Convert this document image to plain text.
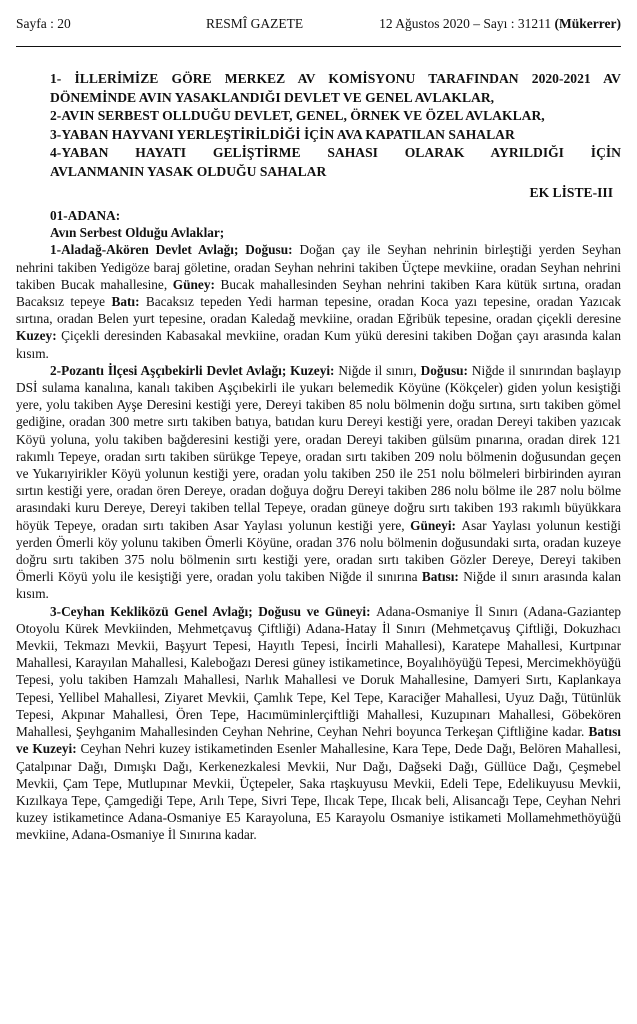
Sayfa : 20	RESMÎ GAZETE	12 Ağustos 2020 – Sayı : 31211 (Mükerrer)
1- İLLERİMİZE GÖRE MERKEZ AV KOMİSYONU TARAFINDAN 2020-2021 AV
DÖNEMİNDE AVIN YASAKLANDIĞI DEVLET VE GENEL AVLAKLAR,
2-AVIN SERBEST OLLDUĞU DEVLET, GENEL, ÖRNEK VE ÖZEL AVLAKLAR,
3-YABAN HAYVANI YERLEŞTİRİLDİĞİ İÇİN AVA KAPATILAN SAHALAR
4-YABAN HAYATI GELİŞTİRME SAHASI OLARAK AYRILDIĞI İÇİN
AVLANMANIN YASAK OLDUĞU SAHALAR
EK LİSTE-III
01-ADANA:
Avın Serbest Olduğu Avlaklar;

1-Aladağ-Akören Devlet Avlağı; Doğusu: Doğan çay ile Seyhan nehrinin birleştiği yerden Seyhan nehrini takiben Yedigöze baraj göletine, oradan Seyhan nehrini takiben Üçtepe mevkiine, oradan Seyhan nehrini takiben Bucak mahallesine, Güney: Bucak mahallesinden Seyhan nehrini takiben Kara kütük sırtına, oradan Bacaksız tepeye Batı: Bacaksız tepeden Yedi harman tepesine, oradan Koca yazı tepesine, oradan Yazıcak sırtına, oradan Belen yurt tepesine, oradan Kaledağ mevkiine, oradan Eğribük tepesine, oradan çiçekli deresine Kuzey: Çiçekli deresinden Kabasakal mevkiine, oradan Kum yükü deresini takiben Doğan çayı arasında kalan kısım.

2-Pozantı İlçesi Aşçıbekirli Devlet Avlağı; Kuzeyi: Niğde il sınırı, Doğusu: Niğde il sınırından başlayıp DSİ sulama kanalına, kanalı takiben Aşçıbekirli ile yukarı belemedik Köyüne (Kökçeler) giden yolun kesiştiği yere, yolu takiben Ayşe Deresini kestiği yere, Dereyi takiben 85 nolu bölmenin doğu sırtına, sırtı takiben gömel gediğine, oradan 300 metre sırtı takiben batıya, batıdan kuru Dereyi kestiği yere, oradan Dereyi takiben yazıcak Köyü yoluna, yolu takiben bağderesini kestiği yere, oradan Dereyi takiben gülsüm pınarına, oradan direk 121 rakımlı Tepeye, oradan sırtı takiben sürükge Tepeye, oradan sırtı takiben 209 nolu bölmenin doğusundan geçen ve Yukarıyirikler Köyü yolunun kestiği yere, oradan yolu takiben 250 ile 251 nolu bölmeleri birbirinden ayıran sırtın kestiği yere, oradan ören Dereye, oradan doğuya doğru Dereyi takiben 286 nolu bölme ile 287 nolu bölme arasındaki kuru Dereye, Dereyi takiben tellal Tepeye, oradan güneye doğru sırtı takiben 193 rakımlı büyükkara höyük Tepeye, oradan sırtı takiben Asar Yaylası yolunun kestiği yere, Güneyi: Asar Yaylası yolunun kestiği yerden Ömerli köy yolunu takiben Ömerli Köyüne, oradan 376 nolu bölmenin doğusundaki sırta, oradan kuzeye doğru sırtı takiben 375 nolu bölmenin sırtı kestiği yere, oradan sırtı takiben Gözler Dereye, Dereyi takiben Ömerli Köyü yolu ile kesiştiği yere, oradan yolu takiben Niğde il sınırına Batısı: Niğde il sınırı arasında kalan kısım.

3-Ceyhan Kekliközü Genel Avlağı; Doğusu ve Güneyi: Adana-Osmaniye İl Sınırı (Adana-Gaziantep Otoyolu Kürek Mevkiinden, Mehmetçavuş Çiftliği) Adana-Hatay İl Sınırı (Mehmetçavuş Çiftliği, Dokuzhacı Mevkii, Tekmazı Mevkii, Başyurt Tepesi, Hayıtlı Tepesi, İncirli Mahallesi), Karatepe Mahallesi, Kurtpınar Mahallesi, Karayılan Mahallesi, Kaleboğazı Deresi güney istikametince, Boyalıhöyüğü Tepesi, Mercimekhöyüğü Tepesi, yolu takiben Hamzalı Mahallesi, Narlık Mahallesi ve Doruk Mahallesine, Damyeri Sırtı, Kaplankaya Tepesi, Yellibel Mahallesi, Ziyaret Mevkii, Çamlık Tepe, Kel Tepe, Karaciğer Mahallesi, Uyuz Dağı, Tütünlük Tepesi, Akpınar Mahallesi, Ören Tepe, Hacımüminlerçiftliği Mahallesi, Kuzupınarı Mahallesi, Göbekören Mahallesi, Şeyhganim Mahallesinden Ceyhan Nehrine, Ceyhan Nehri boyunca Terkeşan Çiftliğine kadar. Batısı ve Kuzeyi: Ceyhan Nehri kuzey istikametinden Esenler Mahallesine, Kara Tepe, Dede Dağı, Belören Mahallesi, Çatalpınar Dağı, Dımışkı Dağı, Kerkenezkalesi Mevkii, Nur Dağı, Dağseki Dağı, Güllüce Dağı, Çeşmebel Mevkii, Çam Tepe, Mutlupınar Mevkii, Üçtepeler, Saka rtaşkuyusu Mevkii, Edeli Tepe, Edelikuyusu Mevkii, Kızılkaya Tepe, Çamgediği Tepe, Arılı Tepe, Sivri Tepe, Ilıcak Tepe, Ilıcak beli, Alisancağı Tepe, Ceyhan Nehri kuzey istikametince Adana-Osmaniye E5 Karayoluna, E5 Karayolu Osmaniye istikameti Mollamehmethöyüğü mevkiine, Adana-Osmaniye İl Sınırına kadar.
